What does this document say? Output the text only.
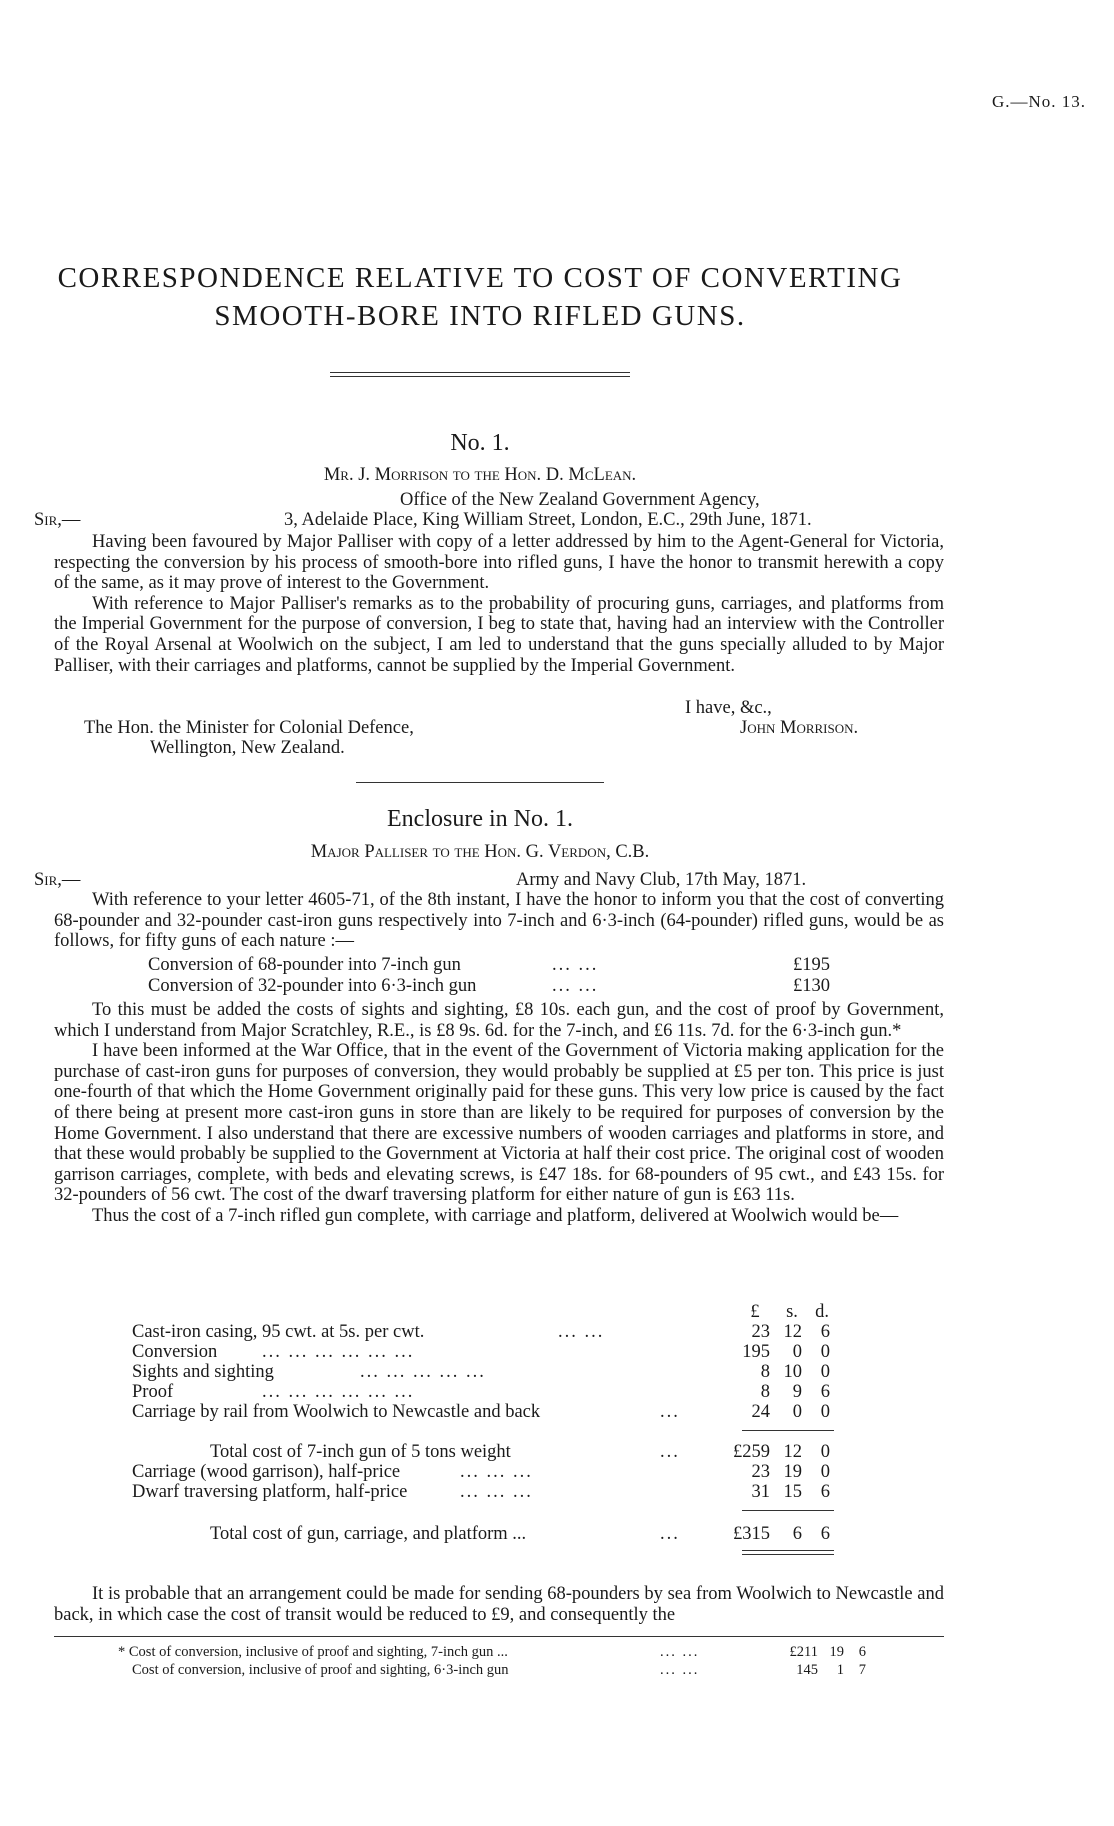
G.—No. 13.
CORRESPONDENCE RELATIVE TO COST OF CONVERTING
SMOOTH-BORE INTO RIFLED GUNS.
No. 1.
Mr. J. Morrison to the Hon. D. McLean.
Office of the New Zealand Government Agency,
Sir,—	3, Adelaide Place, King William Street, London, E.C., 29th June, 1871.

Having been favoured by Major Palliser with copy of a letter addressed by him to the Agent-General for Victoria, respecting the conversion by his process of smooth-bore into rifled guns, I have the honor to transmit herewith a copy of the same, as it may prove of interest to the Government.

With reference to Major Palliser's remarks as to the probability of procuring guns, carriages, and platforms from the Imperial Government for the purpose of conversion, I beg to state that, having had an interview with the Controller of the Royal Arsenal at Woolwich on the subject, I am led to understand that the guns specially alluded to by Major Palliser, with their carriages and platforms, cannot be supplied by the Imperial Government.

I have, &c.,
John Morrison.
The Hon. the Minister for Colonial Defence,
Wellington, New Zealand.
Enclosure in No. 1.
Major Palliser to the Hon. G. Verdon, C.B.
Sir,—	Army and Navy Club, 17th May, 1871.

With reference to your letter 4605-71, of the 8th instant, I have the honor to inform you that the cost of converting 68-pounder and 32-pounder cast-iron guns respectively into 7-inch and 6·3-inch (64-pounder) rifled guns, would be as follows, for fifty guns of each nature :—

Conversion of 68-pounder into 7-inch gun	... ...	£195
Conversion of 32-pounder into 6·3-inch gun	... ...	£130

To this must be added the costs of sights and sighting, £8 10s. each gun, and the cost of proof by Government, which I understand from Major Scratchley, R.E., is £8 9s. 6d. for the 7-inch, and £6 11s. 7d. for the 6·3-inch gun.*

I have been informed at the War Office, that in the event of the Government of Victoria making application for the purchase of cast-iron guns for purposes of conversion, they would probably be supplied at £5 per ton. This price is just one-fourth of that which the Home Government originally paid for these guns. This very low price is caused by the fact of there being at present more cast-iron guns in store than are likely to be required for purposes of conversion by the Home Government. I also understand that there are excessive numbers of wooden carriages and platforms in store, and that these would probably be supplied to the Government at Victoria at half their cost price. The original cost of wooden garrison carriages, complete, with beds and elevating screws, is £47 18s. for 68-pounders of 95 cwt., and £43 15s. for 32-pounders of 56 cwt. The cost of the dwarf traversing platform for either nature of gun is £63 11s.

Thus the cost of a 7-inch rifled gun complete, with carriage and platform, delivered at Woolwich would be—

£	s. d.
Cast-iron casing, 95 cwt. at 5s. per cwt.	... ...	23 12	6
Conversion ... ... ... ... ... ...	195	0	0
Sights and sighting	... ... ... ... ...	8 10	0
Proof	... ... ... ... ... ...	8	9	6
Carriage by rail from Woolwich to Newcastle and back	...	24	0	0
Total cost of 7-inch gun of 5 tons weight	...	£259 12	0
Carriage (wood garrison), half-price	... ... ...	23 19	0
Dwarf traversing platform, half-price	... ... ...	31 15	6
Total cost of gun, carriage, and platform ...	...	£315	6	6

It is probable that an arrangement could be made for sending 68-pounders by sea from Woolwich to Newcastle and back, in which case the cost of transit would be reduced to £9, and consequently the

* Cost of conversion, inclusive of proof and sighting, 7-inch gun ...	... ...	£211 19	6
Cost of conversion, inclusive of proof and sighting, 6·3-inch gun	... ...	145	1	7
